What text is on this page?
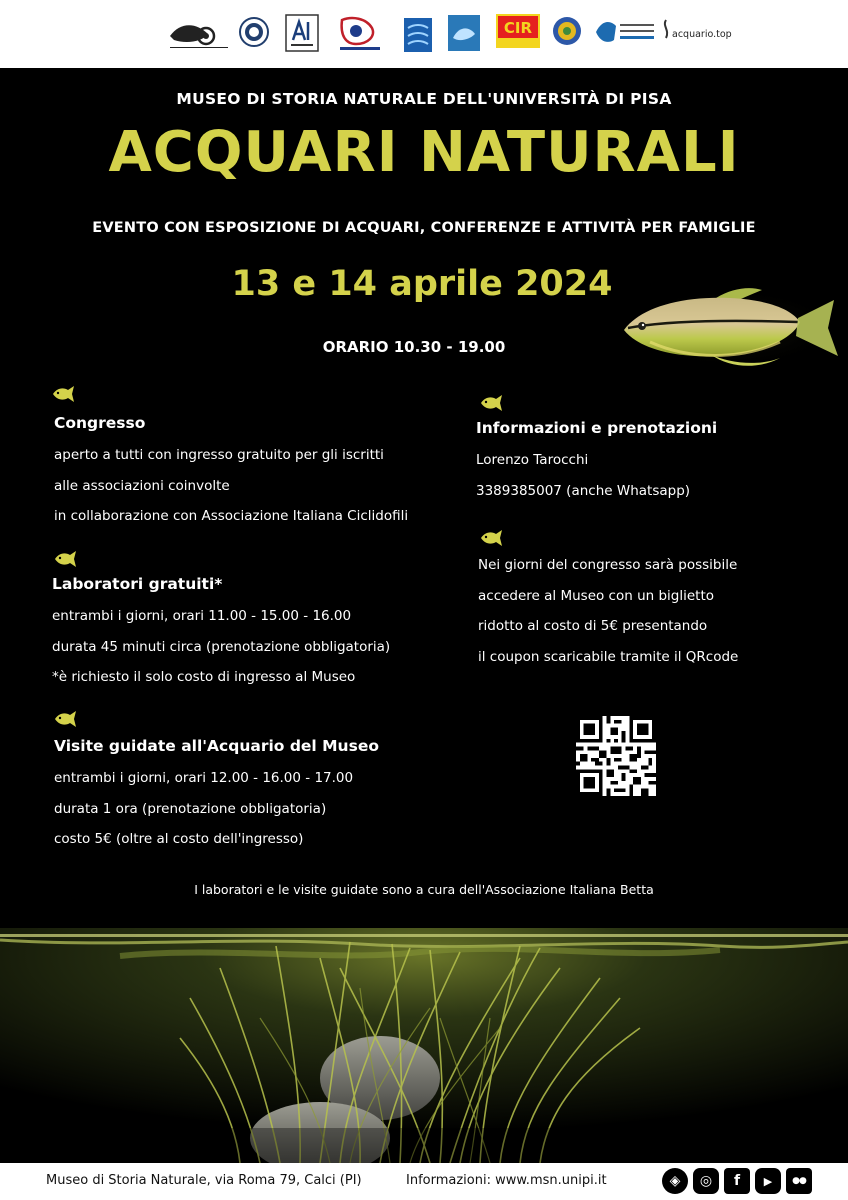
CIR	acquario.top
MUSEO DI STORIA NATURALE DELL'UNIVERSITÀ DI PISA
ACQUARI NATURALI
EVENTO CON ESPOSIZIONE DI ACQUARI, CONFERENZE E ATTIVITÀ PER FAMIGLIE
13 e 14 aprile 2024
ORARIO 10.30 - 19.00
Congresso

aperto a tutti con ingresso gratuito per gli iscritti

alle associazioni coinvolte

in collaborazione con Associazione Italiana Ciclidofili

Laboratori gratuiti*

entrambi i giorni, orari 11.00 - 15.00 - 16.00

durata 45 minuti circa (prenotazione obbligatoria)

*è richiesto il solo costo di ingresso al Museo

Visite guidate all'Acquario del Museo

entrambi i giorni, orari 12.00 - 16.00 - 17.00

durata 1 ora (prenotazione obbligatoria)

costo 5€ (oltre al costo dell'ingresso)

Informazioni e prenotazioni

Lorenzo Tarocchi

3389385007 (anche Whatsapp)

Nei giorni del congresso sarà possibile

accedere al Museo con un biglietto

ridotto al costo di 5€ presentando

il coupon scaricabile tramite il QRcode

I laboratori e le visite guidate sono a cura dell'Associazione Italiana Betta
Museo di Storia Naturale, via Roma 79, Calci (PI)	Informazioni: www.msn.unipi.it	◈	◎	f	▶	●●
